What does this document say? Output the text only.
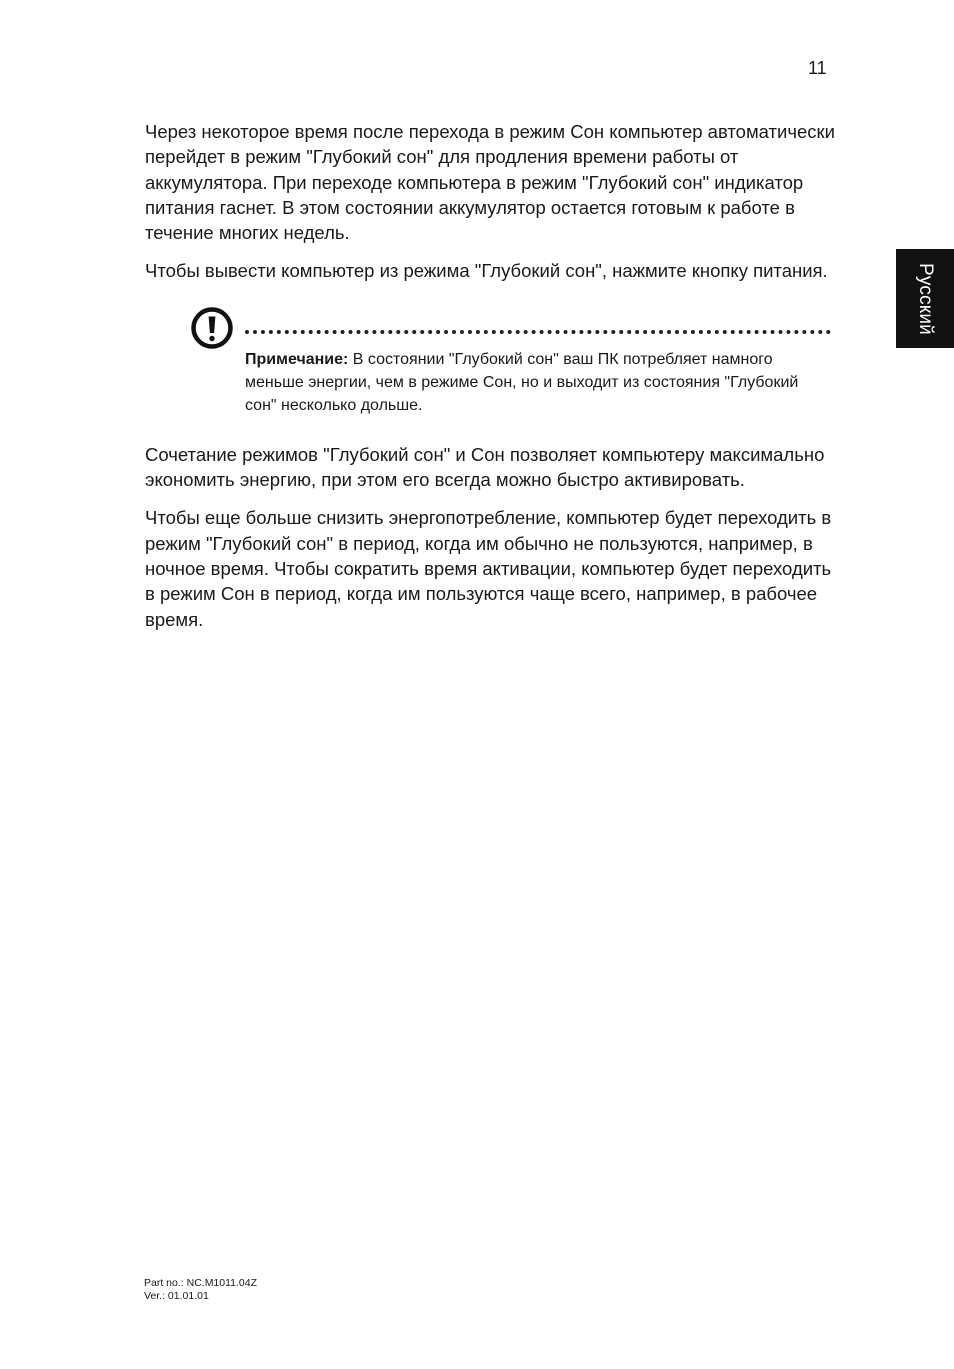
11
Русский

Через некоторое время после перехода в режим Сон компьютер автоматически перейдет в режим "Глубокий сон" для продления времени работы от аккумулятора. При переходе компьютера в режим "Глубокий сон" индикатор питания гаснет. В этом состоянии аккумулятор остается готовым к работе в течение многих недель.

Чтобы вывести компьютер из режима "Глубокий сон", нажмите кнопку питания.

Примечание: В состоянии "Глубокий сон" ваш ПК потребляет намного меньше энергии, чем в режиме Сон, но и выходит из состояния "Глубокий сон" несколько дольше.

Сочетание режимов "Глубокий сон" и Сон позволяет компьютеру максимально экономить энергию, при этом его всегда можно быстро активировать.

Чтобы еще больше снизить энергопотребление, компьютер будет переходить в режим "Глубокий сон" в период, когда им обычно не пользуются, например, в ночное время. Чтобы сократить время активации, компьютер будет переходить в режим Сон в период, когда им пользуются чаще всего, например, в рабочее время.

Part no.: NC.M1011.04Z
Ver.: 01.01.01
